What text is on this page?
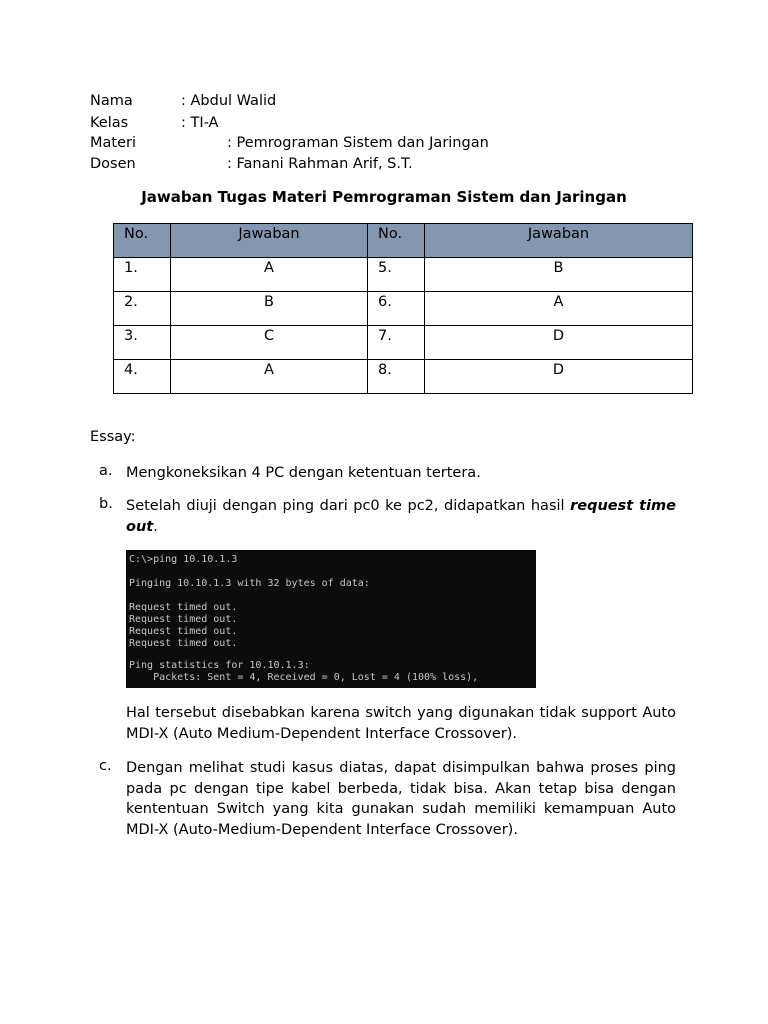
Nama	: Abdul Walid
Kelas	: TI-A
Materi	: Pemrograman Sistem dan Jaringan
Dosen	: Fanani Rahman Arif, S.T.
Jawaban Tugas Materi Pemrograman Sistem dan Jaringan
No.	Jawaban	No.	Jawaban
1.	A	5.	B
2.	B	6.	A
3.	C	7.	D
4.	A	8.	D
Essay:
a. Mengkoneksikan 4 PC dengan ketentuan tertera.
b. Setelah diuji dengan ping dari pc0 ke pc2, didapatkan hasil request time out.
C:\>ping 10.10.1.3
Pinging 10.10.1.3 with 32 bytes of data:
Request timed out.
Request timed out.
Request timed out.
Request timed out.
Ping statistics for 10.10.1.3:
Packets: Sent = 4, Received = 0, Lost = 4 (100% loss),
Hal tersebut disebabkan karena switch yang digunakan tidak support Auto MDI-X (Auto Medium-Dependent Interface Crossover).
c. Dengan melihat studi kasus diatas, dapat disimpulkan bahwa proses ping pada pc dengan tipe kabel berbeda, tidak bisa. Akan tetap bisa dengan kententuan Switch yang kita gunakan sudah memiliki kemampuan Auto MDI-X (Auto-Medium-Dependent Interface Crossover).
